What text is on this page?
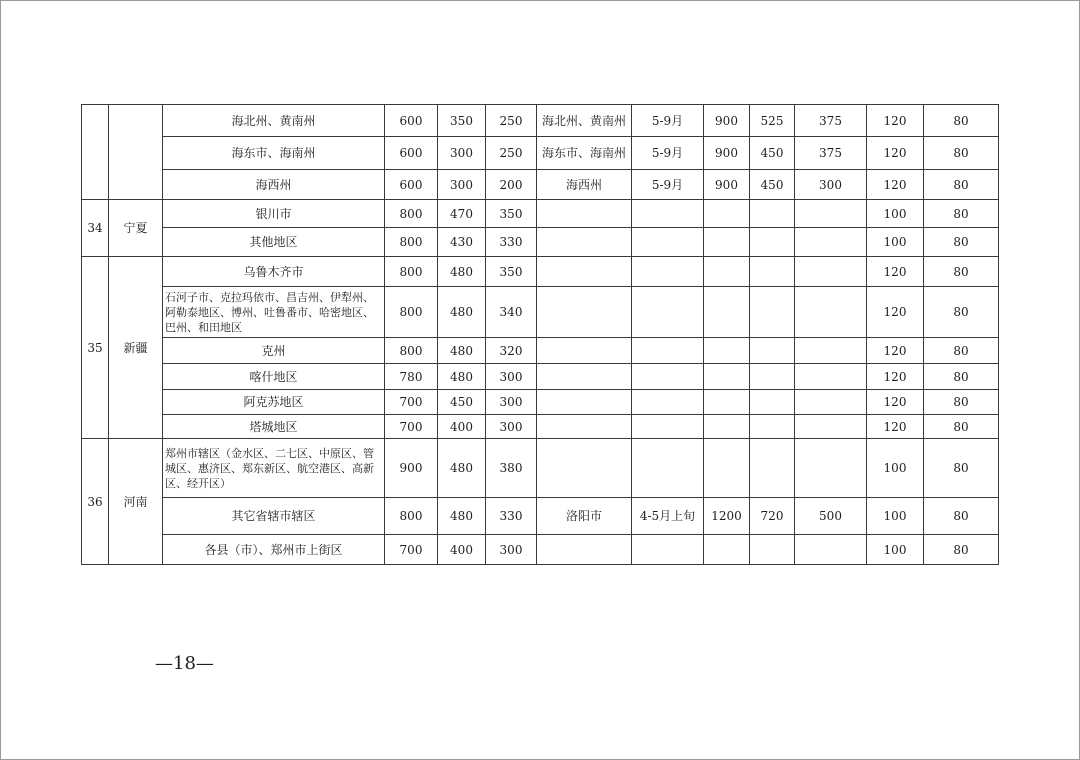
		海北州、黄南州	600	350	250	海北州、黄南州	5-9月	900	525	375	120	80
		海东市、海南州	600	300	250	海东市、海南州	5-9月	900	450	375	120	80
		海西州	600	300	200	海西州	5-9月	900	450	300	120	80
34	宁夏	银川市	800	470	350						100	80
		其他地区	800	430	330						100	80
35	新疆	乌鲁木齐市	800	480	350						120	80
		石河子市、克拉玛依市、昌吉州、伊犁州、阿勒泰地区、博州、吐鲁番市、哈密地区、巴州、和田地区	800	480	340						120	80
		克州	800	480	320						120	80
		喀什地区	780	480	300						120	80
		阿克苏地区	700	450	300						120	80
		塔城地区	700	400	300						120	80
36	河南	郑州市辖区（金水区、二七区、中原区、管城区、惠济区、郑东新区、航空港区、高新区、经开区）	900	480	380						100	80
		其它省辖市辖区	800	480	330	洛阳市	4-5月上旬	1200	720	500	100	80
		各县（市）、郑州市上街区	700	400	300						100	80
—18—
